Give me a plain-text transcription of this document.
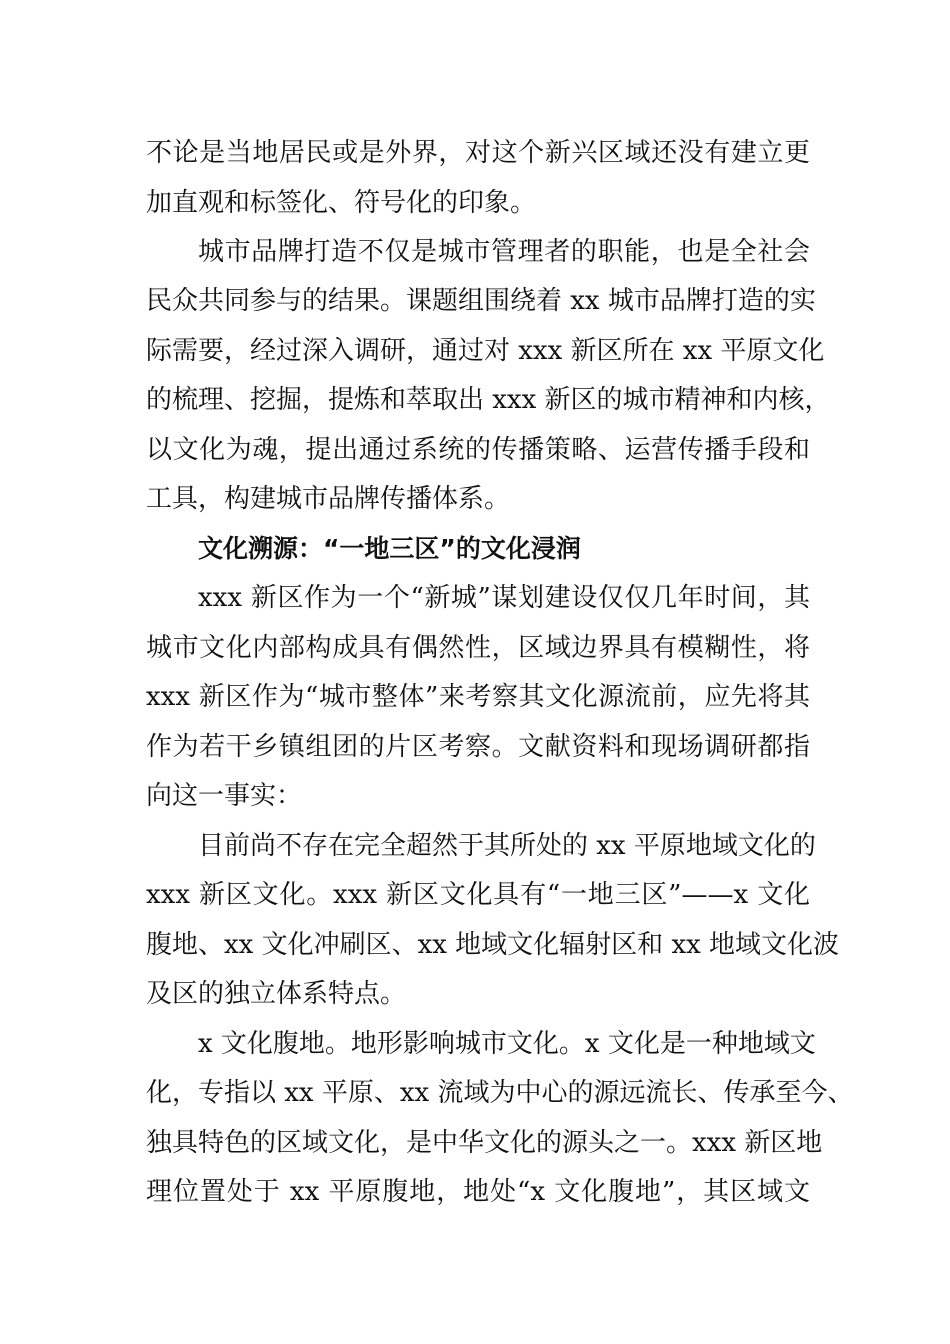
不论是当地居民或是外界，对这个新兴区域还没有建立更
加直观和标签化、符号化的印象。
城市品牌打造不仅是城市管理者的职能，也是全社会
民众共同参与的结果。课题组围绕着 xx 城市品牌打造的实
际需要，经过深入调研，通过对 xxx 新区所在 xx 平原文化
的梳理、挖掘，提炼和萃取出 xxx 新区的城市精神和内核，
以文化为魂，提出通过系统的传播策略、运营传播手段和
工具，构建城市品牌传播体系。
文化溯源：“一地三区”的文化浸润
xxx 新区作为一个“新城”谋划建设仅仅几年时间，其
城市文化内部构成具有偶然性，区域边界具有模糊性，将
xxx 新区作为“城市整体”来考察其文化源流前，应先将其
作为若干乡镇组团的片区考察。文献资料和现场调研都指
向这一事实：
目前尚不存在完全超然于其所处的 xx 平原地域文化的
xxx 新区文化。xxx 新区文化具有“一地三区”——x 文化
腹地、xx 文化冲刷区、xx 地域文化辐射区和 xx 地域文化波
及区的独立体系特点。
x 文化腹地。地形影响城市文化。x 文化是一种地域文
化，专指以 xx 平原、xx 流域为中心的源远流长、传承至今、
独具特色的区域文化，是中华文化的源头之一。xxx 新区地
理位置处于 xx 平原腹地，地处“x 文化腹地”，其区域文
